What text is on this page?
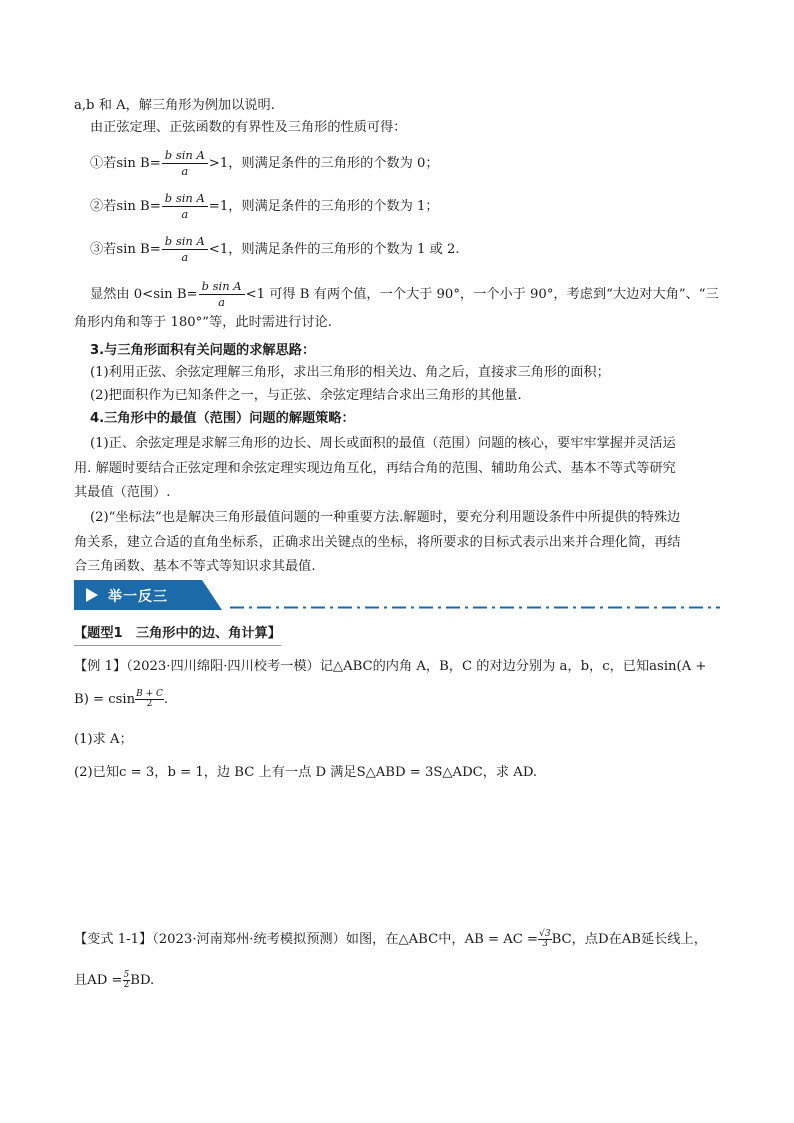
a,b 和 A，解三角形为例加以说明.
由正弦定理、正弦函数的有界性及三角形的性质可得：
①若$\sin B= \frac{\text{b sin A}}{a} >1$，则满足条件的三角形的个数为 0；
②若$\sin B= \frac{\text{b sin A}}{a} =1$，则满足条件的三角形的个数为 1；
③若$\sin B= \frac{\text{b sin A}}{a} <1$，则满足条件的三角形的个数为 1 或 2.
显然由 0<sin $B= \frac{\text{b sin A}}{a} <1$ 可得 B 有两个值，一个大于 90°，一个小于 90°，考虑到“大边对大角”、“三
角形内角和等于 180°”等，此时需进行讨论.
3.与三角形面积有关问题的求解思路：
(1)利用正弦、余弦定理解三角形，求出三角形的相关边、角之后，直接求三角形的面积；
(2)把面积作为已知条件之一，与正弦、余弦定理结合求出三角形的其他量.
4.三角形中的最值（范围）问题的解题策略：
(1)正、余弦定理是求解三角形的边长、周长或面积的最值（范围）问题的核心，要牢牢掌握并灵活运
用. 解题时要结合正弦定理和余弦定理实现边角互化，再结合角的范围、辅助角公式、基本不等式等研究
其最值（范围）.
(2)“坐标法”也是解决三角形最值问题的一种重要方法.解题时，要充分利用题设条件中所提供的特殊边
角关系，建立合适的直角坐标系，正确求出关键点的坐标，将所要求的目标式表示出来并合理化简，再结
合三角函数、基本不等式等知识求其最值.
举一反三
【题型1　三角形中的边、角计算】
【例 1】（2023·四川绵阳·四川校考一模）记△ABC的内角 A，B，C 的对边分别为 a，b，c，已知asin(A +
B) = csin $\frac{B + C}{2}$ .
(1)求 A；
(2)已知c = 3，b = 1，边 BC 上有一点 D 满足S△ABD = 3S△ADC，求 AD.
【变式 1-1】（2023·河南郑州·统考模拟预测）如图，在△ABC中，AB = AC = $\frac{√3}{3}$ BC，点D在AB延长线上，
且AD = $\frac{5}{2}$ BD.
